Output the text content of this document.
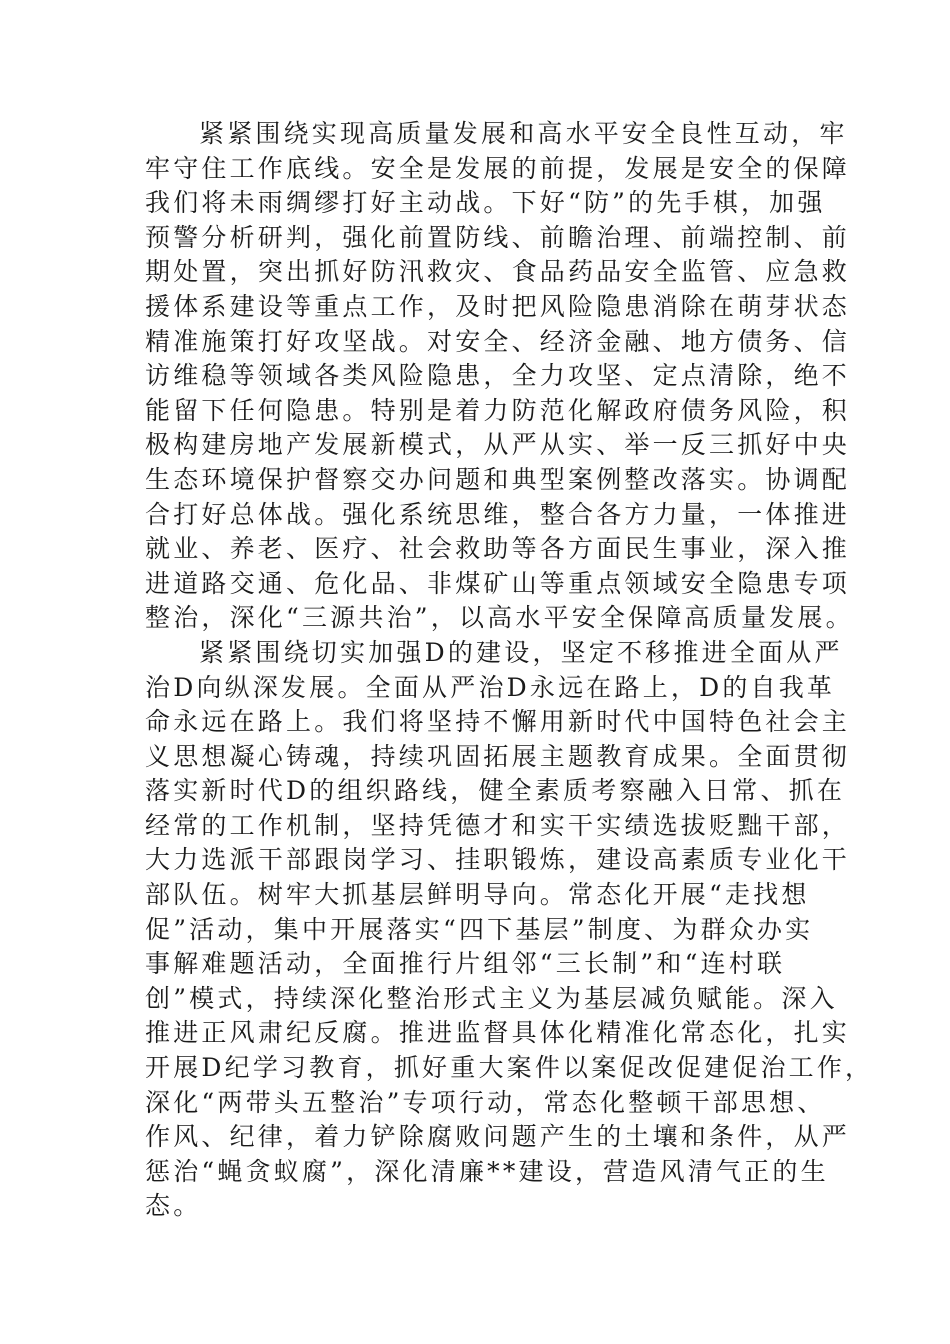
紧紧围绕实现高质量发展和高水平安全良性互动，牢
牢守住工作底线。安全是发展的前提，发展是安全的保障
我们将未雨绸缪打好主动战。下好“防”的先手棋，加强
预警分析研判，强化前置防线、前瞻治理、前端控制、前
期处置，突出抓好防汛救灾、食品药品安全监管、应急救
援体系建设等重点工作，及时把风险隐患消除在萌芽状态
精准施策打好攻坚战。对安全、经济金融、地方债务、信
访维稳等领域各类风险隐患，全力攻坚、定点清除，绝不
能留下任何隐患。特别是着力防范化解政府债务风险，积
极构建房地产发展新模式，从严从实、举一反三抓好中央
生态环境保护督察交办问题和典型案例整改落实。协调配
合打好总体战。强化系统思维，整合各方力量，一体推进
就业、养老、医疗、社会救助等各方面民生事业，深入推
进道路交通、危化品、非煤矿山等重点领域安全隐患专项
整治，深化“三源共治”，以高水平安全保障高质量发展。
紧紧围绕切实加强D的建设，坚定不移推进全面从严
治D向纵深发展。全面从严治D永远在路上，D的自我革
命永远在路上。我们将坚持不懈用新时代中国特色社会主
义思想凝心铸魂，持续巩固拓展主题教育成果。全面贯彻
落实新时代D的组织路线，健全素质考察融入日常、抓在
经常的工作机制，坚持凭德才和实干实绩选拔贬黜干部，
大力选派干部跟岗学习、挂职锻炼，建设高素质专业化干
部队伍。树牢大抓基层鲜明导向。常态化开展“走找想
促”活动，集中开展落实“四下基层”制度、为群众办实
事解难题活动，全面推行片组邻“三长制”和“连村联
创”模式，持续深化整治形式主义为基层减负赋能。深入
推进正风肃纪反腐。推进监督具体化精准化常态化，扎实
开展D纪学习教育，抓好重大案件以案促改促建促治工作，
深化“两带头五整治”专项行动，常态化整顿干部思想、
作风、纪律，着力铲除腐败问题产生的土壤和条件，从严
惩治“蝇贪蚁腐”，深化清廉**建设，营造风清气正的生
态。
